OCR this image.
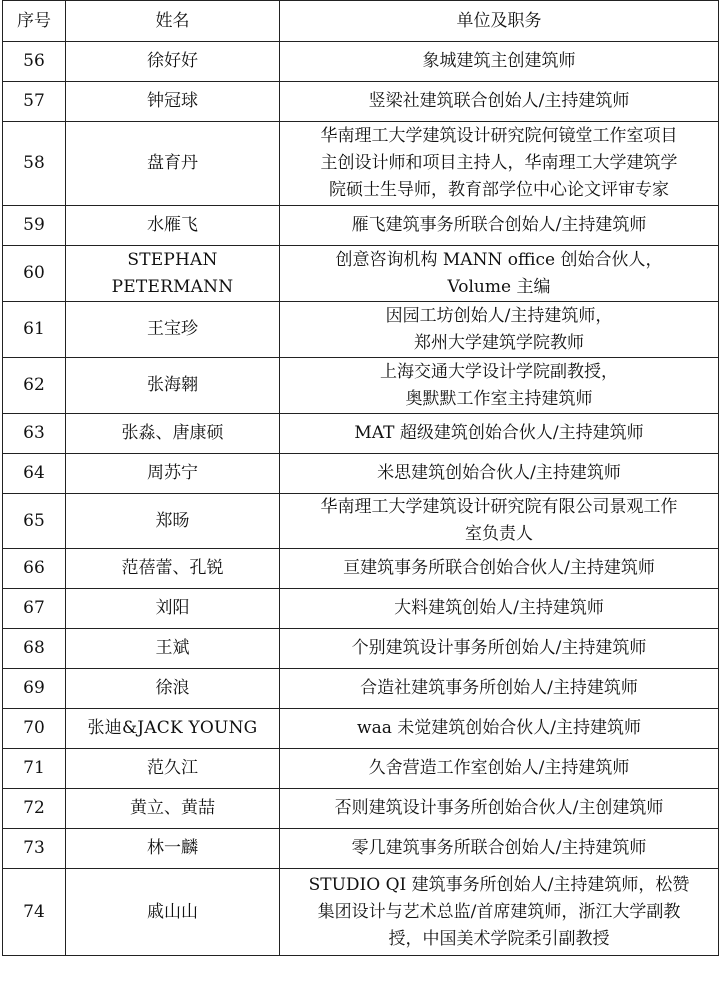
序号	姓名	单位及职务
56	徐好好	象城建筑主创建筑师
57	钟冠球	竖梁社建筑联合创始人/主持建筑师
58	盘育丹	华南理工大学建筑设计研究院何镜堂工作室项目
主创设计师和项目主持人，华南理工大学建筑学
院硕士生导师，教育部学位中心论文评审专家
59	水雁飞	雁飞建筑事务所联合创始人/主持建筑师
60	STEPHAN
PETERMANN	创意咨询机构 MANN office 创始合伙人，
Volume 主编
61	王宝珍	因园工坊创始人/主持建筑师，
郑州大学建筑学院教师
62	张海翱	上海交通大学设计学院副教授，
奥默默工作室主持建筑师
63	张淼、唐康硕	MAT 超级建筑创始合伙人/主持建筑师
64	周苏宁	米思建筑创始合伙人/主持建筑师
65	郑旸	华南理工大学建筑设计研究院有限公司景观工作
室负责人
66	范蓓蕾、孔锐	亘建筑事务所联合创始合伙人/主持建筑师
67	刘阳	大料建筑创始人/主持建筑师
68	王斌	个别建筑设计事务所创始人/主持建筑师
69	徐浪	合造社建筑事务所创始人/主持建筑师
70	张迪&JACK YOUNG	waa 未觉建筑创始合伙人/主持建筑师
71	范久江	久舍营造工作室创始人/主持建筑师
72	黄立、黄喆	否则建筑设计事务所创始合伙人/主创建筑师
73	林一麟	零几建筑事务所联合创始人/主持建筑师
74	戚山山	STUDIO QI 建筑事务所创始人/主持建筑师，松赞
集团设计与艺术总监/首席建筑师，浙江大学副教
授，中国美术学院柔引副教授
